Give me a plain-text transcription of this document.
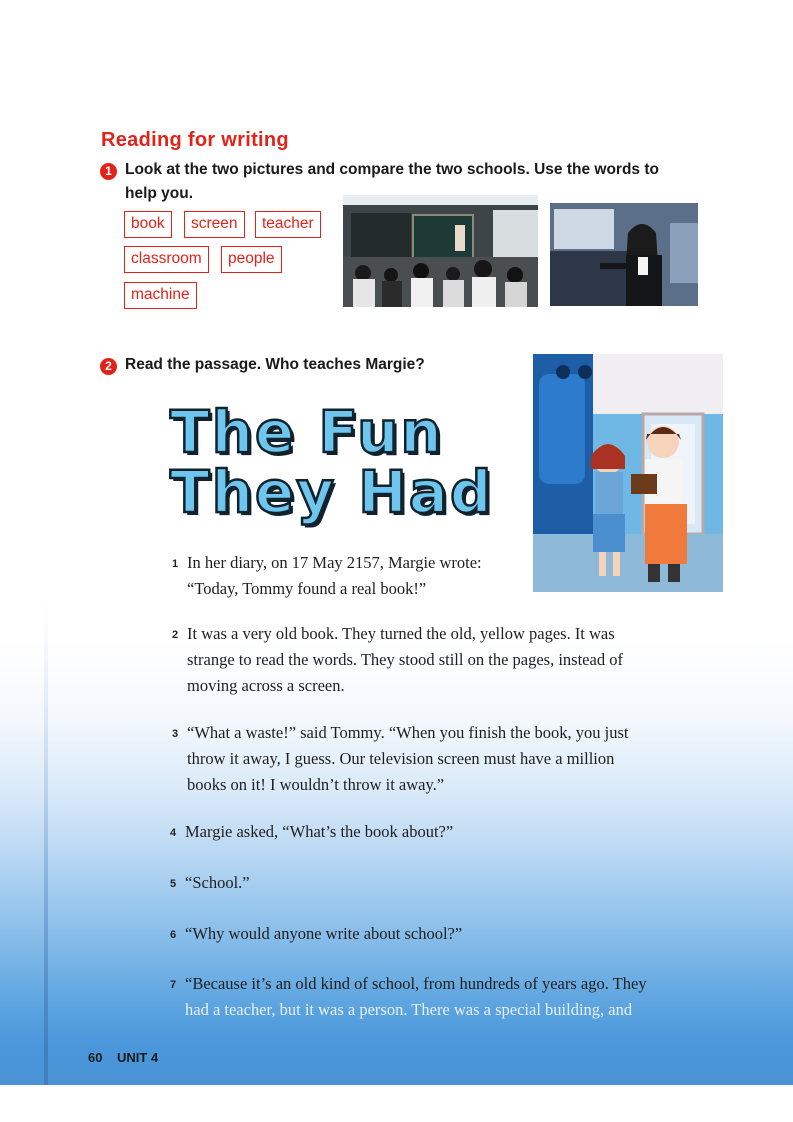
Reading for writing
1 Look at the two pictures and compare the two schools. Use the words to
help you.
book	screen	teacher
classroom	people
machine
2 Read the passage. Who teaches Margie?
The Fun
They Had
1 In her diary, on 17 May 2157, Margie wrote:
“Today, Tommy found a real book!”
2 It was a very old book. They turned the old, yellow pages. It was
strange to read the words. They stood still on the pages, instead of
moving across a screen.
3 “What a waste!” said Tommy. “When you finish the book, you just
throw it away, I guess. Our television screen must have a million
books on it! I wouldn’t throw it away.”
4 Margie asked, “What’s the book about?”
5 “School.”
6 “Why would anyone write about school?”
7 “Because it’s an old kind of school, from hundreds of years ago. They
had a teacher, but it was a person. There was a special building, and
60 UNIT 4
